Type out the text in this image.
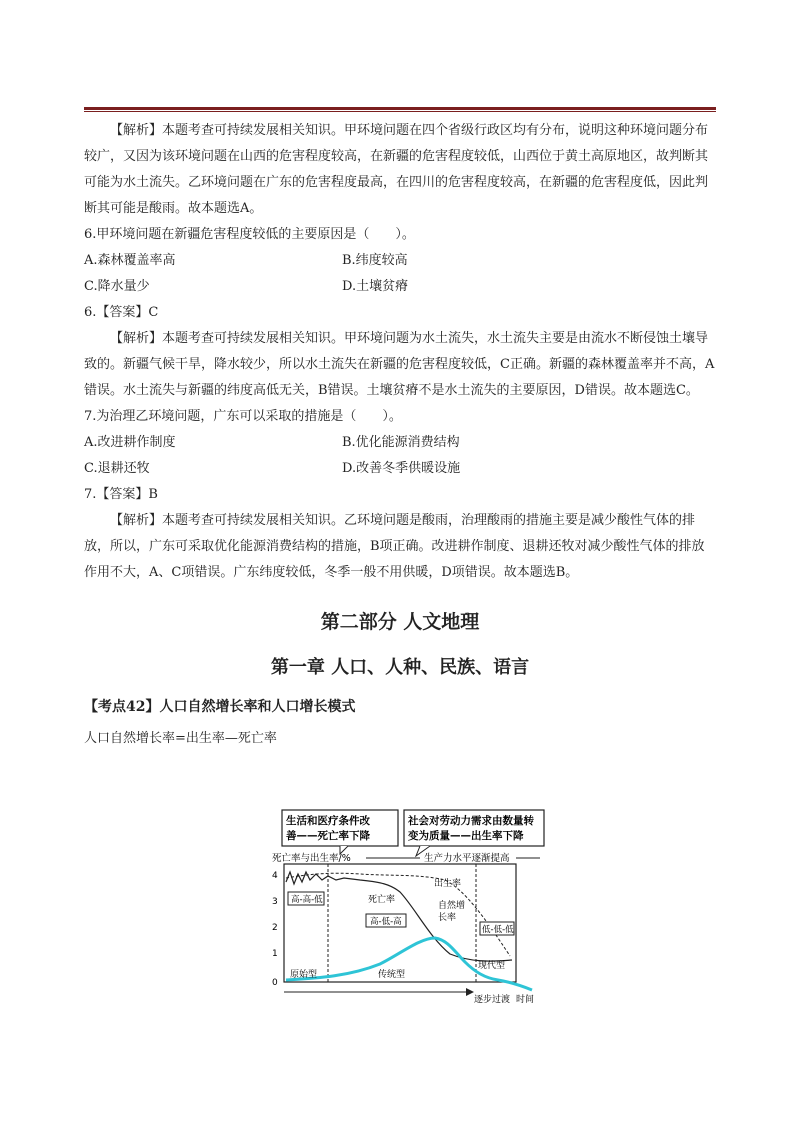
【解析】本题考查可持续发展相关知识。甲环境问题在四个省级行政区均有分布，说明这种环境问题分布较广，又因为该环境问题在山西的危害程度较高，在新疆的危害程度较低，山西位于黄土高原地区，故判断其可能为水土流失。乙环境问题在广东的危害程度最高，在四川的危害程度较高，在新疆的危害程度低，因此判断其可能是酸雨。故本题选A。

6.甲环境问题在新疆危害程度较低的主要原因是（　　）。

A.森林覆盖率高	B.纬度较高
C.降水量少	D.土壤贫瘠

6.【答案】C

【解析】本题考查可持续发展相关知识。甲环境问题为水土流失，水土流失主要是由流水不断侵蚀土壤导致的。新疆气候干旱，降水较少，所以水土流失在新疆的危害程度较低，C正确。新疆的森林覆盖率并不高，A错误。水土流失与新疆的纬度高低无关，B错误。土壤贫瘠不是水土流失的主要原因，D错误。故本题选C。

7.为治理乙环境问题，广东可以采取的措施是（　　）。

A.改进耕作制度	B.优化能源消费结构
C.退耕还牧	D.改善冬季供暖设施

7.【答案】B

【解析】本题考查可持续发展相关知识。乙环境问题是酸雨，治理酸雨的措施主要是减少酸性气体的排放，所以，广东可采取优化能源消费结构的措施，B项正确。改进耕作制度、退耕还牧对减少酸性气体的排放作用不大，A、C项错误。广东纬度较低，冬季一般不用供暖，D项错误。故本题选B。

第二部分 人文地理

第一章 人口、人种、民族、语言

【考点42】人口自然增长率和人口增长模式

人口自然增长率=出生率—死亡率

生活和医疗条件改
善——死亡率下降
社会对劳动力需求由数量转
变为质量——出生率下降
死亡率与出生率/%	生产力水平逐渐提高
4
3
2
1
0
出生率
死亡率
自然增
长率
高-高-低
高-低-高
低-低-低
原始型	传统型
现代型
逐步过渡 时间
